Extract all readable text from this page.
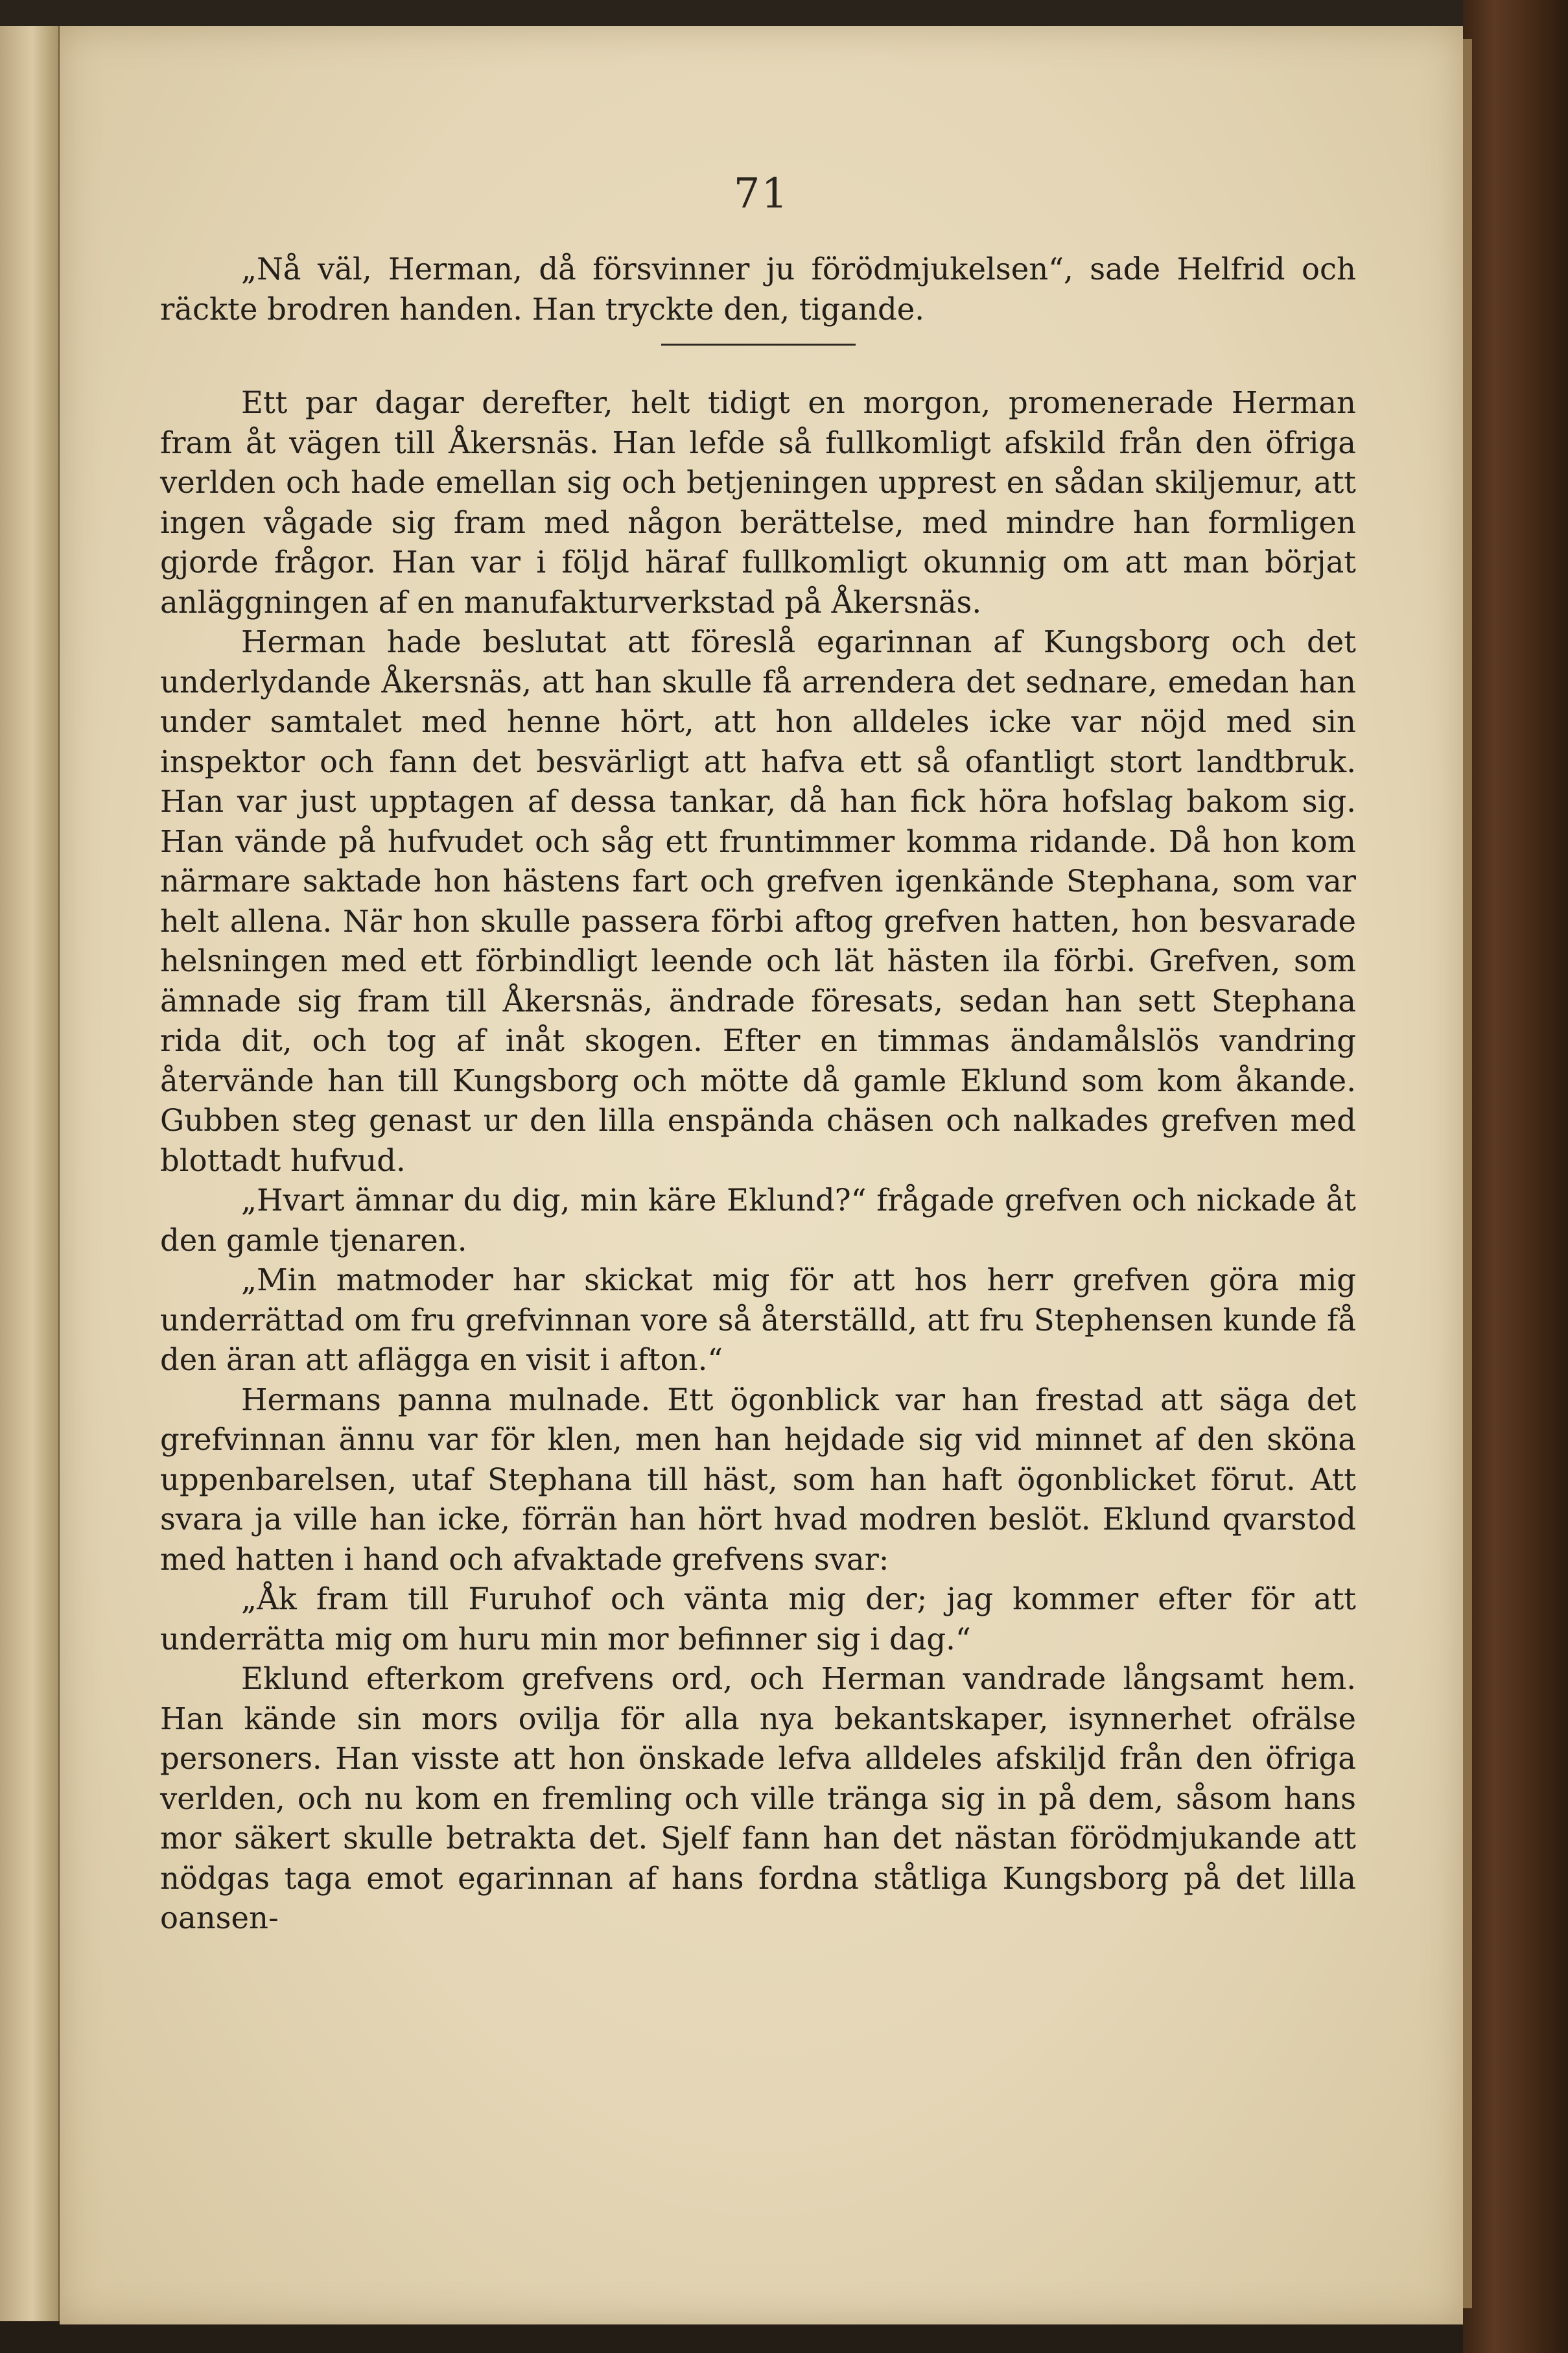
71

„Nå väl, Herman, då försvinner ju förödmjukelsen“, sade Helfrid och räckte brodren handen. Han tryckte den, tigande.

Ett par dagar derefter, helt tidigt en morgon, promenerade Herman fram åt vägen till Åkersnäs. Han lefde så fullkomligt afskild från den öfriga verlden och hade emellan sig och betjeningen upprest en sådan skiljemur, att ingen vågade sig fram med någon berättelse, med mindre han formligen gjorde frågor. Han var i följd häraf fullkomligt okunnig om att man börjat anläggningen af en manufakturverkstad på Åkersnäs.

Herman hade beslutat att föreslå egarinnan af Kungsborg och det underlydande Åkersnäs, att han skulle få arrendera det sednare, emedan han under samtalet med henne hört, att hon alldeles icke var nöjd med sin inspektor och fann det besvärligt att hafva ett så ofantligt stort landtbruk. Han var just upptagen af dessa tankar, då han fick höra hofslag bakom sig. Han vände på hufvudet och såg ett fruntimmer komma ridande. Då hon kom närmare saktade hon hästens fart och grefven igenkände Stephana, som var helt allena. När hon skulle passera förbi aftog grefven hatten, hon besvarade helsningen med ett förbindligt leende och lät hästen ila förbi. Grefven, som ämnade sig fram till Åkersnäs, ändrade föresats, sedan han sett Stephana rida dit, och tog af inåt skogen. Efter en timmas ändamålslös vandring återvände han till Kungsborg och mötte då gamle Eklund som kom åkande. Gubben steg genast ur den lilla enspända chäsen och nalkades grefven med blottadt hufvud.

„Hvart ämnar du dig, min käre Eklund?“ frågade grefven och nickade åt den gamle tjenaren.

„Min matmoder har skickat mig för att hos herr grefven göra mig underrättad om fru grefvinnan vore så återställd, att fru Stephensen kunde få den äran att aflägga en visit i afton.“

Hermans panna mulnade. Ett ögonblick var han frestad att säga det grefvinnan ännu var för klen, men han hejdade sig vid minnet af den sköna uppenbarelsen, utaf Stephana till häst, som han haft ögonblicket förut. Att svara ja ville han icke, förrän han hört hvad modren beslöt. Eklund qvarstod med hatten i hand och afvaktade grefvens svar:

„Åk fram till Furuhof och vänta mig der; jag kommer efter för att underrätta mig om huru min mor befinner sig i dag.“

Eklund efterkom grefvens ord, och Herman vandrade långsamt hem. Han kände sin mors ovilja för alla nya bekantskaper, isynnerhet ofrälse personers. Han visste att hon önskade lefva alldeles afskiljd från den öfriga verlden, och nu kom en fremling och ville tränga sig in på dem, såsom hans mor säkert skulle betrakta det. Sjelf fann han det nästan förödmjukande att nödgas taga emot egarinnan af hans fordna ståtliga Kungsborg på det lilla oansen-
